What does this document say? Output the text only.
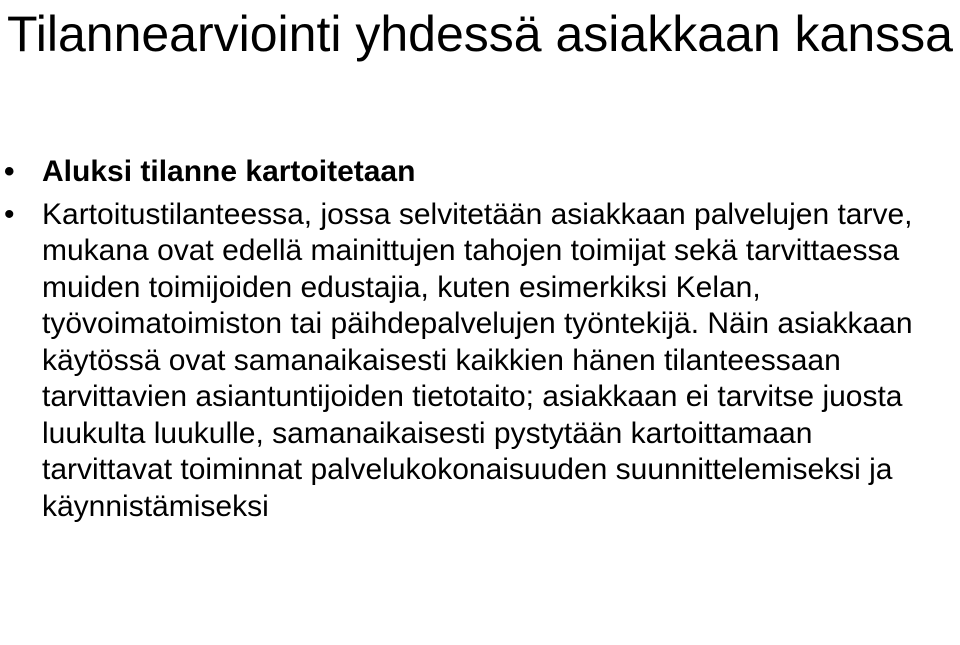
Tilannearviointi yhdessä asiakkaan kanssa
• Aluksi tilanne kartoitetaan
• Kartoitustilanteessa, jossa selvitetään asiakkaan palvelujen tarve, mukana ovat edellä mainittujen tahojen toimijat sekä tarvittaessa muiden toimijoiden edustajia, kuten esimerkiksi Kelan, työvoimatoimiston tai päihdepalvelujen työntekijä. Näin asiakkaan käytössä ovat samanaikaisesti kaikkien hänen tilanteessaan tarvittavien asiantuntijoiden tietotaito; asiakkaan ei tarvitse juosta luukulta luukulle, samanaikaisesti pystytään kartoittamaan tarvittavat toiminnat palvelukokonaisuuden suunnittelemiseksi ja käynnistämiseksi
